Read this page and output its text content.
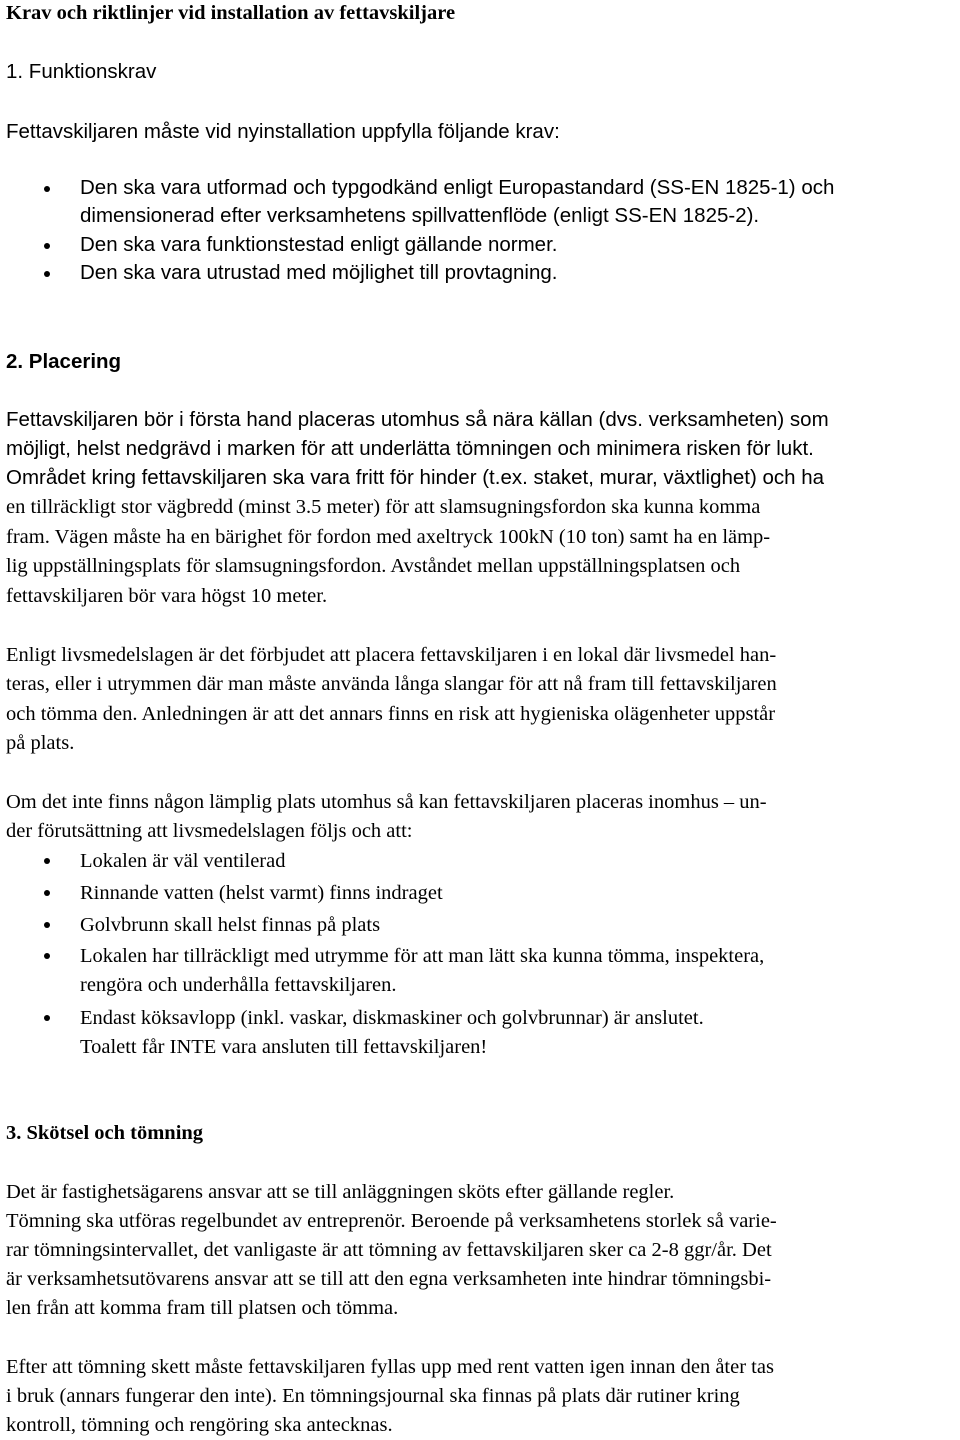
Krav och riktlinjer vid installation av fettavskiljare
1. Funktionskrav
Fettavskiljaren måste vid nyinstallation uppfylla följande krav:
Den ska vara utformad och typgodkänd enligt Europastandard (SS-EN 1825-1) och
dimensionerad efter verksamhetens spillvattenflöde (enligt SS-EN 1825-2).
Den ska vara funktionstestad enligt gällande normer.
Den ska vara utrustad med möjlighet till provtagning.
2. Placering
Fettavskiljaren bör i första hand placeras utomhus så nära källan (dvs. verksamheten) som
möjligt, helst nedgrävd i marken för att underlätta tömningen och minimera risken för lukt.
Området kring fettavskiljaren ska vara fritt för hinder (t.ex. staket, murar, växtlighet) och ha
en tillräckligt stor vägbredd (minst 3.5 meter) för att slamsugningsfordon ska kunna komma
fram. Vägen måste ha en bärighet för fordon med axeltryck 100kN (10 ton) samt ha en lämp-
lig uppställningsplats för slamsugningsfordon. Avståndet mellan uppställningsplatsen och
fettavskiljaren bör vara högst 10 meter.
Enligt livsmedelslagen är det förbjudet att placera fettavskiljaren i en lokal där livsmedel han-
teras, eller i utrymmen där man måste använda långa slangar för att nå fram till fettavskiljaren
och tömma den. Anledningen är att det annars finns en risk att hygieniska olägenheter uppstår
på plats.
Om det inte finns någon lämplig plats utomhus så kan fettavskiljaren placeras inomhus – un-
der förutsättning att livsmedelslagen följs och att:
Lokalen är väl ventilerad
Rinnande vatten (helst varmt) finns indraget
Golvbrunn skall helst finnas på plats
Lokalen har tillräckligt med utrymme för att man lätt ska kunna tömma, inspektera,
rengöra och underhålla fettavskiljaren.
Endast köksavlopp (inkl. vaskar, diskmaskiner och golvbrunnar) är anslutet.
Toalett får INTE vara ansluten till fettavskiljaren!
3. Skötsel och tömning
Det är fastighetsägarens ansvar att se till anläggningen sköts efter gällande regler.
Tömning ska utföras regelbundet av entreprenör. Beroende på verksamhetens storlek så varie-
rar tömningsintervallet, det vanligaste är att tömning av fettavskiljaren sker ca 2-8 ggr/år. Det
är verksamhetsutövarens ansvar att se till att den egna verksamheten inte hindrar tömningsbi-
len från att komma fram till platsen och tömma.
Efter att tömning skett måste fettavskiljaren fyllas upp med rent vatten igen innan den åter tas
i bruk (annars fungerar den inte). En tömningsjournal ska finnas på plats där rutiner kring
kontroll, tömning och rengöring ska antecknas.
